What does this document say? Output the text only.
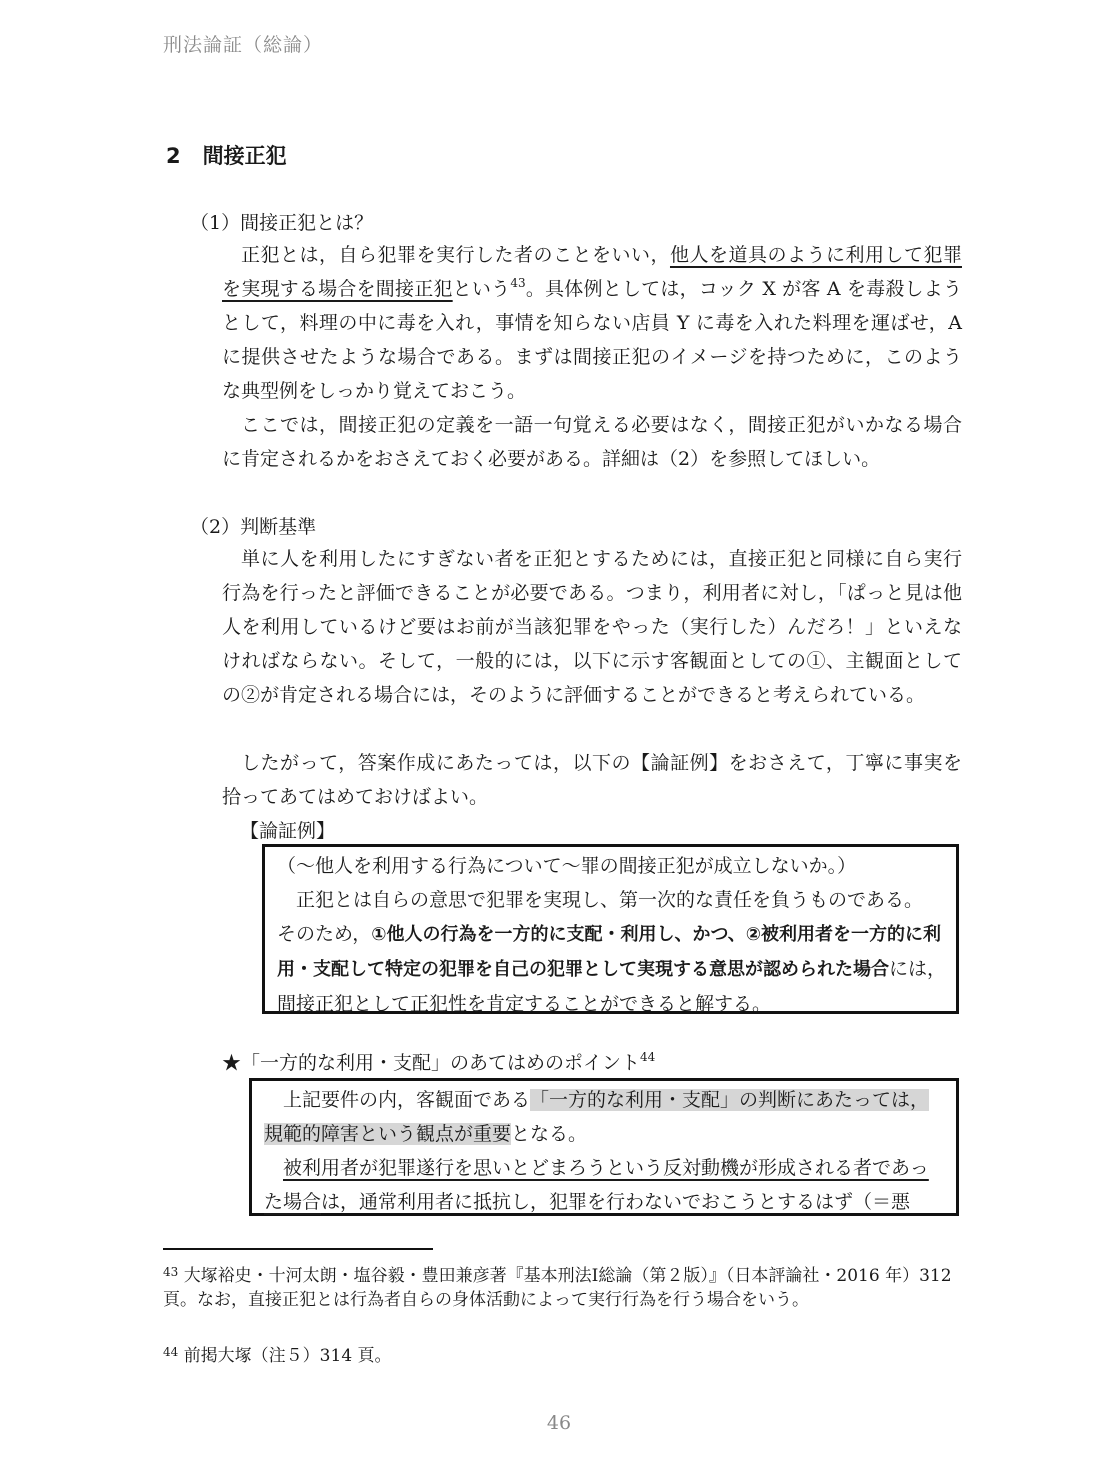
刑法論証（総論）
2 間接正犯
（1）間接正犯とは？

正犯とは，自ら犯罪を実行した者のことをいい，他人を道具のように利用して犯罪を実現する場合を間接正犯という$^{43}$。具体例としては，コック X が客 A を毒殺しようとして，料理の中に毒を入れ，事情を知らない店員 Y に毒を入れた料理を運ばせ，A に提供させたような場合である。まずは間接正犯のイメージを持つために，このような典型例をしっかり覚えておこう。

ここでは，間接正犯の定義を一語一句覚える必要はなく，間接正犯がいかなる場合に肯定されるかをおさえておく必要がある。詳細は（2）を参照してほしい。

（2）判断基準

単に人を利用したにすぎない者を正犯とするためには，直接正犯と同様に自ら実行行為を行ったと評価できることが必要である。つまり，利用者に対し，「ぱっと見は他人を利用しているけど要はお前が当該犯罪をやった（実行した）んだろ！」といえなければならない。そして，一般的には，以下に示す客観面としての①、主観面としての②が肯定される場合には，そのように評価することができると考えられている。

したがって，答案作成にあたっては，以下の【論証例】をおさえて，丁寧に事実を拾ってあてはめておけばよい。

【論証例】

（～他人を利用する行為について～罪の間接正犯が成立しないか。）

正犯とは自らの意思で犯罪を実現し、第一次的な責任を負うものである。

そのため，①他人の行為を一方的に支配・利用し、かつ、②被利用者を一方的に利用・支配して特定の犯罪を自己の犯罪として実現する意思が認められた場合には，間接正犯として正犯性を肯定することができると解する。

★「一方的な利用・支配」のあてはめのポイント$^{44}$

上記要件の内，客観面である「一方的な利用・支配」の判断にあたっては，規範的障害という観点が重要となる。

被利用者が犯罪遂行を思いとどまろうという反対動機が形成される者であった場合は，通常利用者に抵抗し，犯罪を行わないでおこうとするはず（＝悪

$^{43}$ 大塚裕史・十河太朗・塩谷毅・豊田兼彦著『基本刑法Ⅰ総論（第２版）』（日本評論社・2016 年）312 頁。なお，直接正犯とは行為者自らの身体活動によって実行行為を行う場合をいう。
$^{44}$ 前掲大塚（注５）314 頁。
46
